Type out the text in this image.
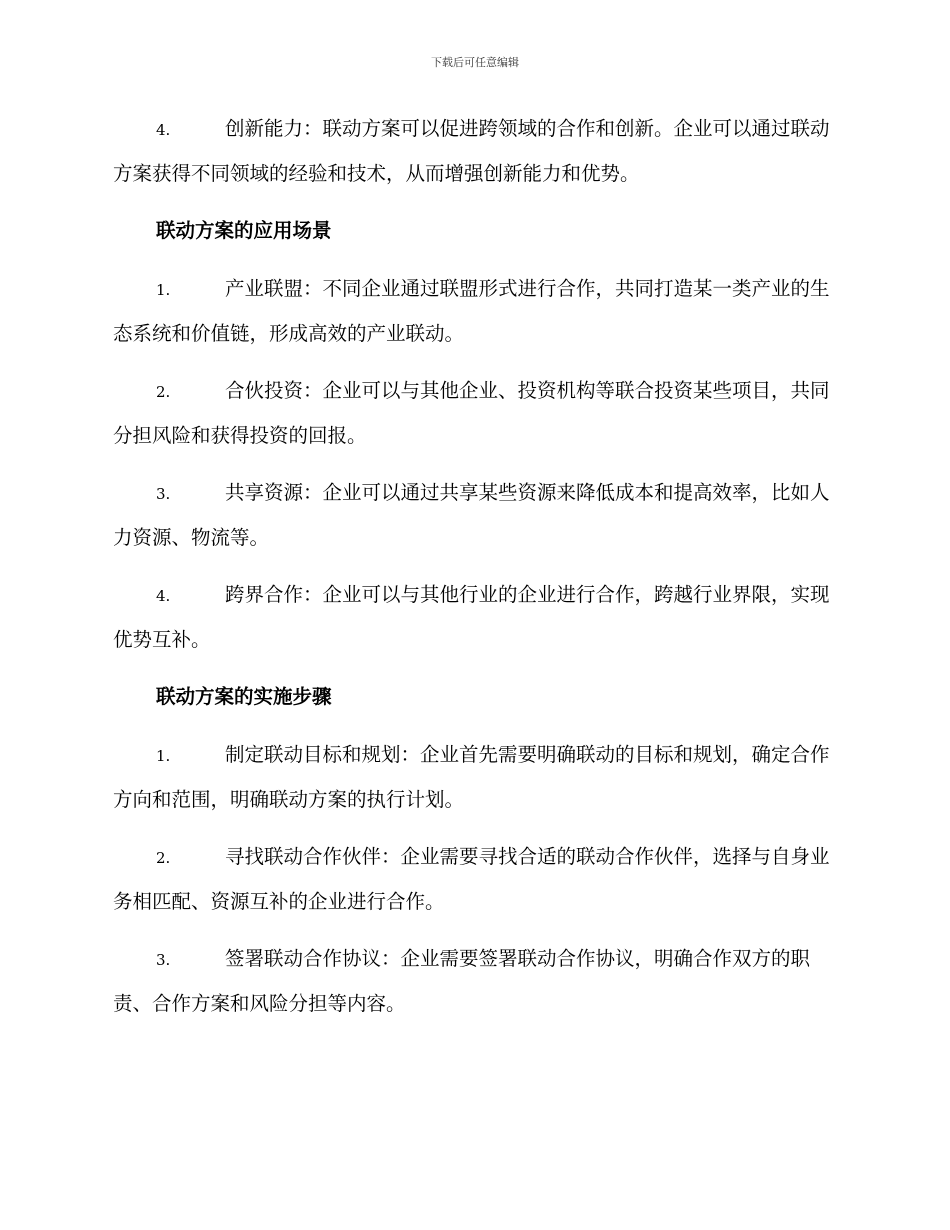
下载后可任意编辑
4.	创新能力：联动方案可以促进跨领域的合作和创新。企业可以通过联动方案获得不同领域的经验和技术，从而增强创新能力和优势。
联动方案的应用场景
1.	产业联盟：不同企业通过联盟形式进行合作，共同打造某一类产业的生态系统和价值链，形成高效的产业联动。
2.	合伙投资：企业可以与其他企业、投资机构等联合投资某些项目，共同分担风险和获得投资的回报。
3.	共享资源：企业可以通过共享某些资源来降低成本和提高效率，比如人力资源、物流等。
4.	跨界合作：企业可以与其他行业的企业进行合作，跨越行业界限，实现优势互补。
联动方案的实施步骤
1.	制定联动目标和规划：企业首先需要明确联动的目标和规划，确定合作方向和范围，明确联动方案的执行计划。
2.	寻找联动合作伙伴：企业需要寻找合适的联动合作伙伴，选择与自身业务相匹配、资源互补的企业进行合作。
3.	签署联动合作协议：企业需要签署联动合作协议，明确合作双方的职责、合作方案和风险分担等内容。
